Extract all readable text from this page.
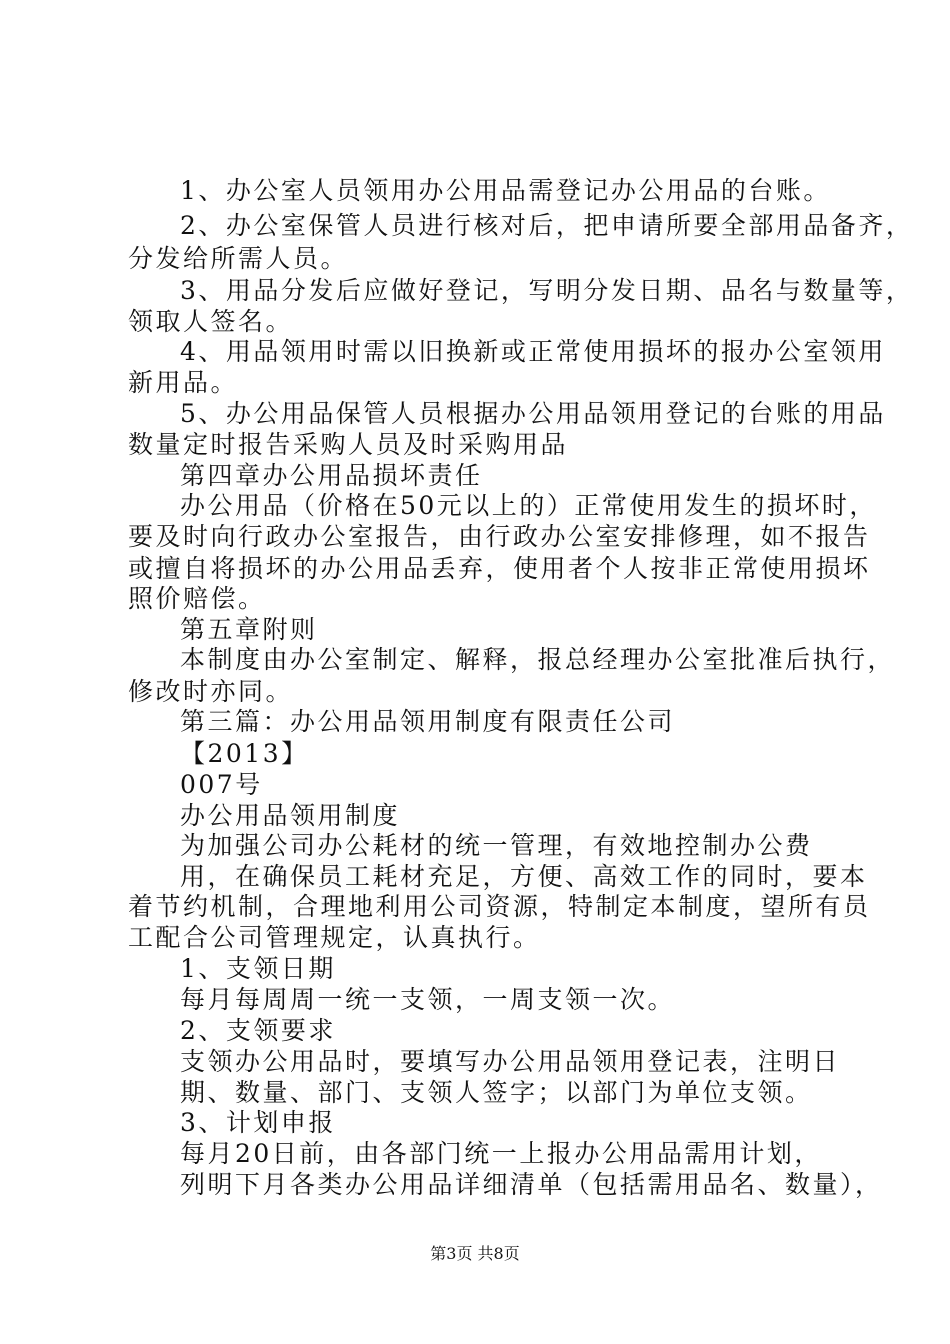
1、办公室人员领用办公用品需登记办公用品的台账。
2、办公室保管人员进行核对后，把申请所要全部用品备齐，
分发给所需人员。
3、用品分发后应做好登记，写明分发日期、品名与数量等，
领取人签名。
4、用品领用时需以旧换新或正常使用损坏的报办公室领用
新用品。
5、办公用品保管人员根据办公用品领用登记的台账的用品
数量定时报告采购人员及时采购用品
第四章办公用品损坏责任
办公用品（价格在50元以上的）正常使用发生的损坏时，
要及时向行政办公室报告，由行政办公室安排修理，如不报告
或擅自将损坏的办公用品丢弃，使用者个人按非正常使用损坏
照价赔偿。
第五章附则
本制度由办公室制定、解释，报总经理办公室批准后执行，
修改时亦同。
第三篇：办公用品领用制度有限责任公司
【2013】
007号
办公用品领用制度
为加强公司办公耗材的统一管理，有效地控制办公费
用，在确保员工耗材充足，方便、高效工作的同时，要本
着节约机制，合理地利用公司资源，特制定本制度，望所有员
工配合公司管理规定，认真执行。
1、支领日期
每月每周周一统一支领，一周支领一次。
2、支领要求
支领办公用品时，要填写办公用品领用登记表，注明日
期、数量、部门、支领人签字；以部门为单位支领。
3、计划申报
每月20日前，由各部门统一上报办公用品需用计划，
列明下月各类办公用品详细清单（包括需用品名、数量），
第3页 共8页
